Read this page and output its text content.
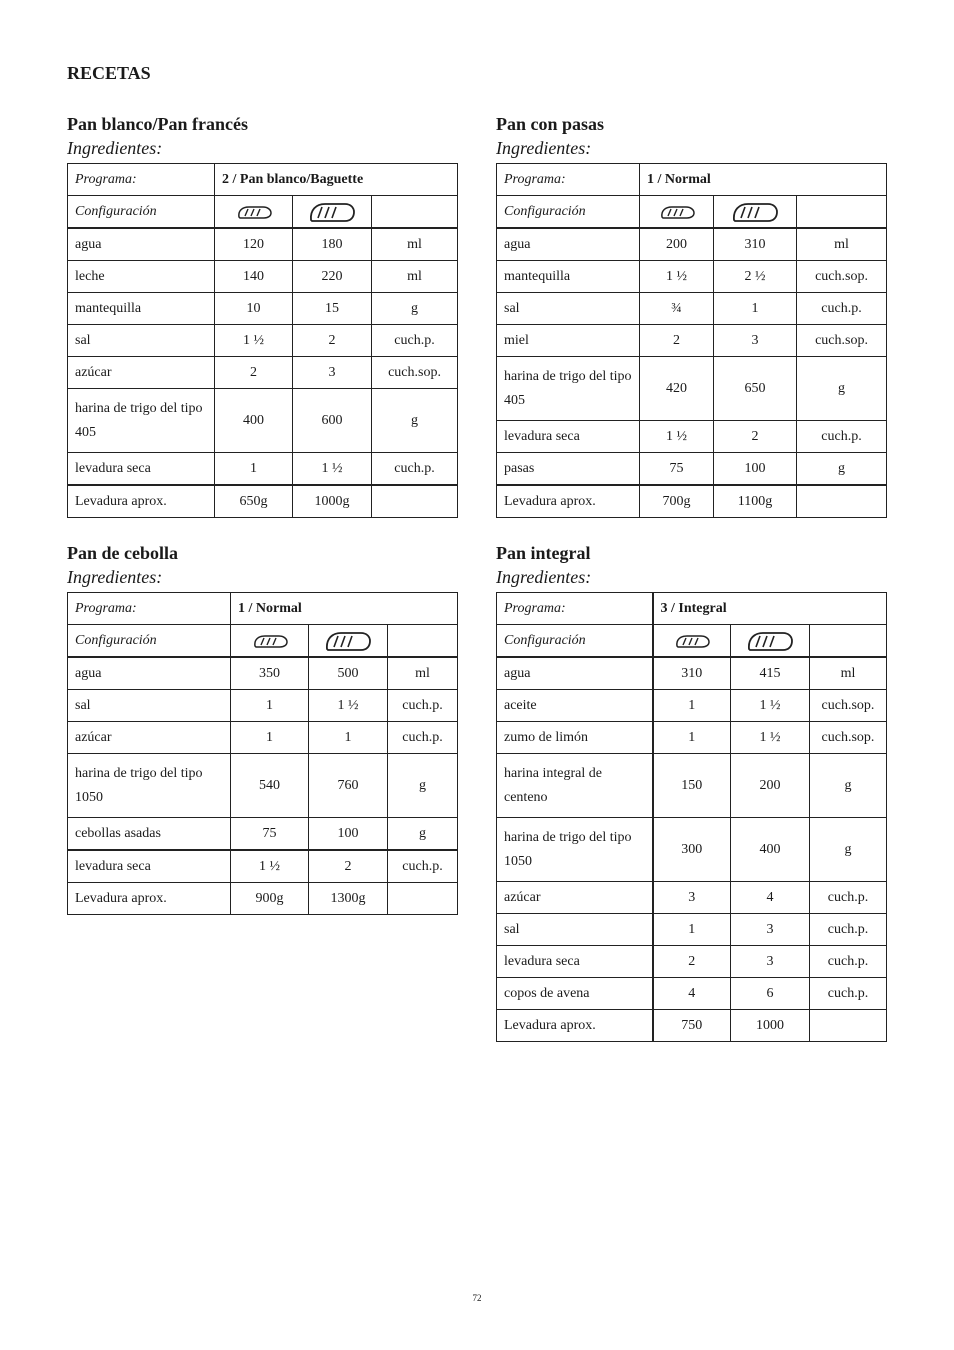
RECETAS
Pan blanco/Pan francés
Ingredientes:
Programa:	2 / Pan blanco/Baguette		
Configuración	

agua	120	180	ml
leche	140	220	ml
mantequilla	10	15	g
sal	1 ½	2	cuch.p.
azúcar	2	3	cuch.sop.
harina de trigo del tipo 405	400	600	g
levadura seca	1	1 ½	cuch.p.
Levadura aprox.	650g	1000g	
Pan con pasas
Ingredientes:
Programa:	1 / Normal		
Configuración	

agua	200	310	ml
mantequilla	1 ½	2 ½	cuch.sop.
sal	¾	1	cuch.p.
miel	2	3	cuch.sop.
harina de trigo del tipo 405	420	650	g
levadura seca	1 ½	2	cuch.p.
pasas	75	100	g
Levadura aprox.	700g	1100g	
Pan de cebolla
Ingredientes:
Programa:	1 / Normal		
Configuración	

agua	350	500	ml
sal	1	1 ½	cuch.p.
azúcar	1	1	cuch.p.
harina de trigo del tipo 1050	540	760	g
cebollas asadas	75	100	g
levadura seca	1 ½	2	cuch.p.
Levadura aprox.	900g	1300g	
Pan integral
Ingredientes:
Programa:	3 / Integral		
Configuración	

agua	310	415	ml
aceite	1	1 ½	cuch.sop.
zumo de limón	1	1 ½	cuch.sop.
harina integral de centeno	150	200	g
harina de trigo del tipo 1050	300	400	g
azúcar	3	4	cuch.p.
sal	1	3	cuch.p.
levadura seca	2	3	cuch.p.
copos de avena	4	6	cuch.p.
Levadura aprox.	750	1000	
72
